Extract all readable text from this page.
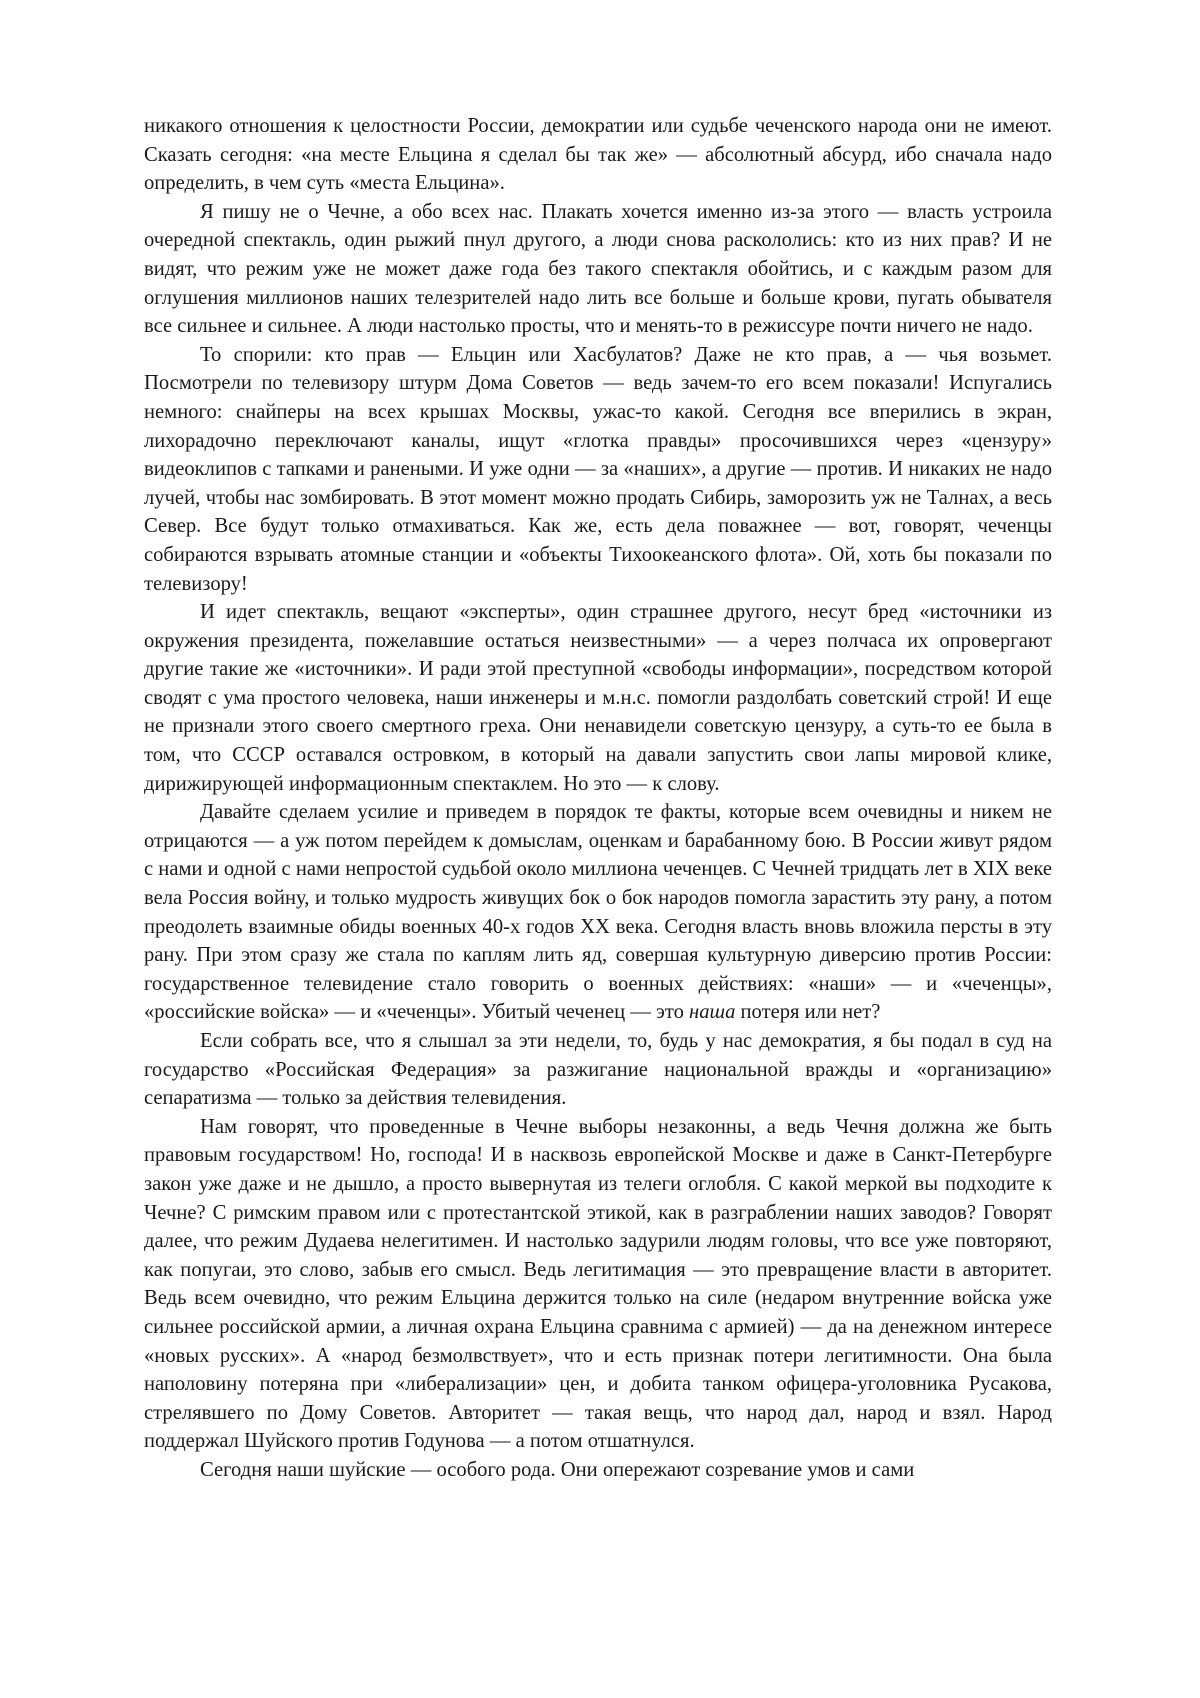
никакого отношения к целостности России, демократии или судьбе чеченского народа они не имеют. Сказать сегодня: «на месте Ельцина я сделал бы так же» — абсолютный абсурд, ибо сначала надо определить, в чем суть «места Ельцина».

Я пишу не о Чечне, а обо всех нас. Плакать хочется именно из-за этого — власть устроила очередной спектакль, один рыжий пнул другого, а люди снова раскололись: кто из них прав? И не видят, что режим уже не может даже года без такого спектакля обойтись, и с каждым разом для оглушения миллионов наших телезрителей надо лить все больше и больше крови, пугать обывателя все сильнее и сильнее. А люди настолько просты, что и менять-то в режиссуре почти ничего не надо.

То спорили: кто прав — Ельцин или Хасбулатов? Даже не кто прав, а — чья возьмет. Посмотрели по телевизору штурм Дома Советов — ведь зачем-то его всем показали! Испугались немного: снайперы на всех крышах Москвы, ужас-то какой. Сегодня все вперились в экран, лихорадочно переключают каналы, ищут «глотка правды» просочившихся через «цензуру» видеоклипов с тапками и ранеными. И уже одни — за «наших», а другие — против. И никаких не надо лучей, чтобы нас зомбировать. В этот момент можно продать Сибирь, заморозить уж не Талнах, а весь Север. Все будут только отмахиваться. Как же, есть дела поважнее — вот, говорят, чеченцы собираются взрывать атомные станции и «объекты Тихоокеанского флота». Ой, хоть бы показали по телевизору!

И идет спектакль, вещают «эксперты», один страшнее другого, несут бред «источники из окружения президента, пожелавшие остаться неизвестными» — а через полчаса их опровергают другие такие же «источники». И ради этой преступной «свободы информации», посредством которой сводят с ума простого человека, наши инженеры и м.н.с. помогли раздолбать советский строй! И еще не признали этого своего смертного греха. Они ненавидели советскую цензуру, а суть-то ее была в том, что СССР оставался островком, в который на давали запустить свои лапы мировой клике, дирижирующей информационным спектаклем. Но это — к слову.

Давайте сделаем усилие и приведем в порядок те факты, которые всем очевидны и никем не отрицаются — а уж потом перейдем к домыслам, оценкам и барабанному бою. В России живут рядом с нами и одной с нами непростой судьбой около миллиона чеченцев. С Чечней тридцать лет в XIX веке вела Россия войну, и только мудрость живущих бок о бок народов помогла зарастить эту рану, а потом преодолеть взаимные обиды военных 40-х годов XX века. Сегодня власть вновь вложила персты в эту рану. При этом сразу же стала по каплям лить яд, совершая культурную диверсию против России: государственное телевидение стало говорить о военных действиях: «наши» — и «чеченцы», «российские войска» — и «чеченцы». Убитый чеченец — это наша потеря или нет?

Если собрать все, что я слышал за эти недели, то, будь у нас демократия, я бы подал в суд на государство «Российская Федерация» за разжигание национальной вражды и «организацию» сепаратизма — только за действия телевидения.

Нам говорят, что проведенные в Чечне выборы незаконны, а ведь Чечня должна же быть правовым государством! Но, господа! И в насквозь европейской Москве и даже в Санкт-Петербурге закон уже даже и не дышло, а просто вывернутая из телеги оглобля. С какой меркой вы подходите к Чечне? С римским правом или с протестантской этикой, как в разграблении наших заводов? Говорят далее, что режим Дудаева нелегитимен. И настолько задурили людям головы, что все уже повторяют, как попугаи, это слово, забыв его смысл. Ведь легитимация — это превращение власти в авторитет. Ведь всем очевидно, что режим Ельцина держится только на силе (недаром внутренние войска уже сильнее российской армии, а личная охрана Ельцина сравнима с армией) — да на денежном интересе «новых русских». А «народ безмолвствует», что и есть признак потери легитимности. Она была наполовину потеряна при «либерализации» цен, и добита танком офицера-уголовника Русакова, стрелявшего по Дому Советов. Авторитет — такая вещь, что народ дал, народ и взял. Народ поддержал Шуйского против Годунова — а потом отшатнулся.

Сегодня наши шуйские — особого рода. Они опережают созревание умов и сами
